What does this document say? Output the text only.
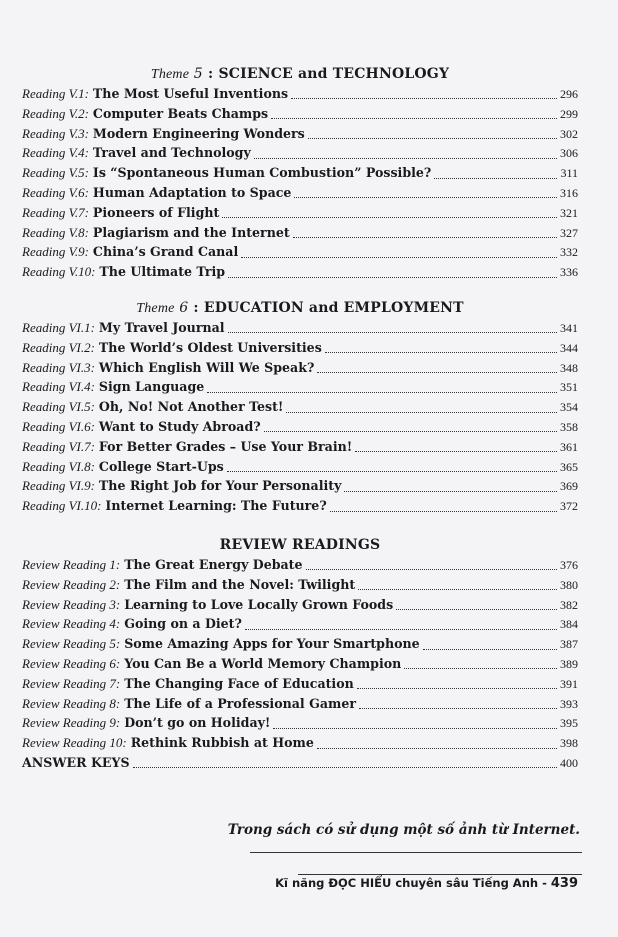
Theme 5 : SCIENCE and TECHNOLOGY
Reading V.1: The Most Useful Inventions	296
Reading V.2: Computer Beats Champs	299
Reading V.3: Modern Engineering Wonders	302
Reading V.4: Travel and Technology	306
Reading V.5: Is “Spontaneous Human Combustion” Possible?	311
Reading V.6: Human Adaptation to Space	316
Reading V.7: Pioneers of Flight	321
Reading V.8: Plagiarism and the Internet	327
Reading V.9: China’s Grand Canal	332
Reading V.10: The Ultimate Trip	336
Theme 6 : EDUCATION and EMPLOYMENT
Reading VI.1: My Travel Journal	341
Reading VI.2: The World’s Oldest Universities	344
Reading VI.3: Which English Will We Speak?	348
Reading VI.4: Sign Language	351
Reading VI.5: Oh, No! Not Another Test!	354
Reading VI.6: Want to Study Abroad?	358
Reading VI.7: For Better Grades – Use Your Brain!	361
Reading VI.8: College Start-Ups	365
Reading VI.9: The Right Job for Your Personality	369
Reading VI.10: Internet Learning: The Future?	372
REVIEW READINGS
Review Reading 1: The Great Energy Debate	376
Review Reading 2: The Film and the Novel: Twilight	380
Review Reading 3: Learning to Love Locally Grown Foods	382
Review Reading 4: Going on a Diet?	384
Review Reading 5: Some Amazing Apps for Your Smartphone	387
Review Reading 6: You Can Be a World Memory Champion	389
Review Reading 7: The Changing Face of Education	391
Review Reading 8: The Life of a Professional Gamer	393
Review Reading 9: Don’t go on Holiday!	395
Review Reading 10: Rethink Rubbish at Home	398
ANSWER KEYS	400
Trong sách có sử dụng một số ảnh từ Internet.
Kĩ năng ĐỌC HIỂU chuyên sâu Tiếng Anh - 439
